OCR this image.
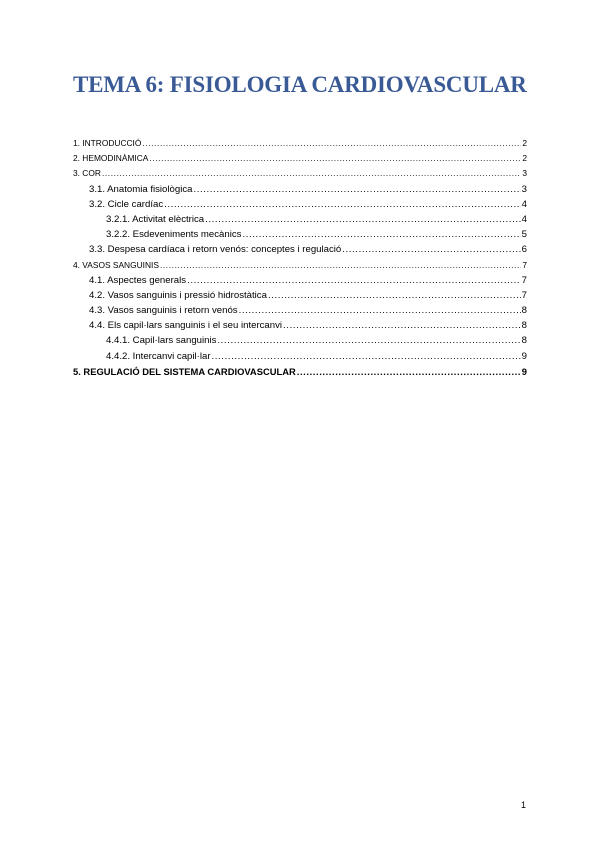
TEMA 6: FISIOLOGIA CARDIOVASCULAR
1. INTRODUCCIÓ .....	2
2. HEMODINÀMICA .....	2
3. COR .....	3
3.1. Anatomia fisiològica .....	3
3.2. Cicle cardíac .....	4
3.2.1. Activitat elèctrica .....	4
3.2.2. Esdeveniments mecànics .....	5
3.3. Despesa cardíaca i retorn venós: conceptes i regulació .....	6
4. VASOS SANGUINIS .....	7
4.1. Aspectes generals .....	7
4.2. Vasos sanguinis i pressió hidrostàtica .....	7
4.3. Vasos sanguinis i retorn venós .....	8
4.4. Els capil·lars sanguinis i el seu intercanvi .....	8
4.4.1. Capil·lars sanguinis .....	8
4.4.2. Intercanvi capil·lar .....	9
5. REGULACIÓ DEL SISTEMA CARDIOVASCULAR .....	9
1
